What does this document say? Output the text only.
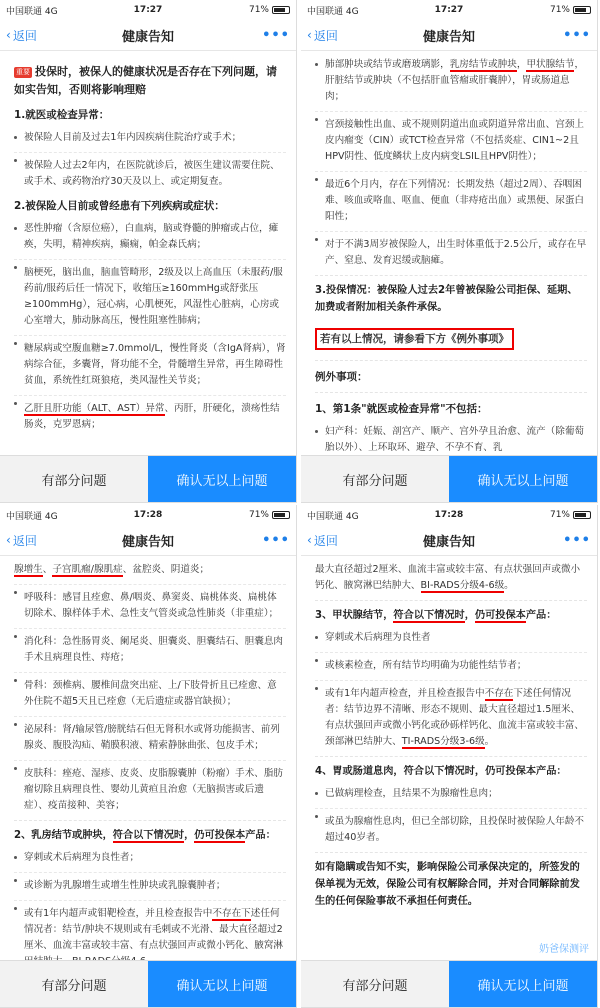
中国联通 4G	17:27	71%
‹ 返回	健康告知	•••
重要 投保时，被保人的健康状况是否存在下列问题，请如实告知，否则将影响理赔
1.就医或检查异常：
被保险人目前及过去1年内因疾病住院治疗或手术；
被保险人过去2年内，在医院就诊后，被医生建议需要住院、或手术、或药物治疗30天及以上、或定期复查。
2.被保险人目前或曾经患有下列疾病或症状：
恶性肿瘤（含原位癌），白血病，脑或脊髓的肿瘤或占位，瘫痪，失明，精神疾病，癫痫，帕金森氏病；
脑梗死，脑出血，脑血管畸形，2级及以上高血压（未服药/服药前/服药后任一情况下，收缩压≥160mmHg或舒张压≥100mmHg），冠心病，心肌梗死，风湿性心脏病，心房或心室增大，肺动脉高压，慢性阻塞性肺病；
糖尿病或空腹血糖≥7.0mmol/L，慢性肾炎（含IgA肾病），肾病综合征，多囊肾，肾功能不全，骨髓增生异常，再生障碍性贫血，系统性红斑狼疮，类风湿性关节炎；
乙肝且肝功能（ALT、AST）异常、丙肝，肝硬化，溃疡性结肠炎，克罗恩病；
有部分问题	确认无以上问题
中国联通 4G	17:27	71%
‹ 返回	健康告知	•••
肺部肿块或结节或磨玻璃影，乳房结节或肿块，甲状腺结节，肝脏结节或肿块（不包括肝血管瘤或肝囊肿），胃或肠道息肉；
宫颈接触性出血、或不规则阴道出血或阴道异常出血、宫颈上皮内瘤变（CIN）或TCT检查异常（不包括炎症、CIN1~2且HPV阴性、低度鳞状上皮内病变LSIL且HPV阴性）；
最近6个月内，存在下列情况：长期发热（超过2周）、吞咽困难、咳血或咯血、呕血、便血（非痔疮出血）或黑便、尿蛋白阳性；
对于不满3周岁被保险人，出生时体重低于2.5公斤，或存在早产、窒息、发育迟缓或脑瘫。
3.投保情况：被保险人过去2年曾被保险公司拒保、延期、加费或者附加相关条件承保。
若有以上情况，请参看下方《例外事项》
例外事项：
1、第1条"就医或检查异常"不包括：
妇产科：妊娠、剖宫产、顺产、宫外孕且治愈、流产（除葡萄胎以外）、上环取环、避孕、不孕不育、乳
有部分问题	确认无以上问题
中国联通 4G	17:28	71%
‹ 返回	健康告知	•••
腺增生、子宫肌瘤/腺肌症、盆腔炎、阴道炎；
呼吸科：感冒且痊愈、鼻/咽炎、鼻窦炎、扁桃体炎、扁桃体切除术、腺样体手术、急性支气管炎或急性肺炎（非重症）；
消化科：急性肠胃炎、阑尾炎、胆囊炎、胆囊结石、胆囊息肉手术且病理良性、痔疮；
骨科：颈椎病、腰椎间盘突出症、上/下肢骨折且已痊愈、意外住院不超5天且已痊愈（无后遗症或器官缺损）；
泌尿科：肾/输尿管/膀胱结石但无肾积水或肾功能损害、前列腺炎、腹股沟疝、鞘膜积液、精索静脉曲张、包皮手术；
皮肤科：痤疮、湿疹、皮炎、皮脂腺囊肿（粉瘤）手术、脂肪瘤切除且病理良性、婴幼儿黄疸且治愈（无脑损害或后遗症）、疫苗接种、美容；
2、乳房结节或肿块，符合以下情况时，仍可投保本产品：
穿刺或术后病理为良性者；
或诊断为乳腺增生或增生性肿块或乳腺囊肿者；
或有1年内超声或钼靶检查，并且检查报告中不存在下述任何情况者：结节/肿块不规则或有毛刺或不光滑、最大直径超过2厘米、血流丰富或较丰富、有点状强回声或微小钙化、腋窝淋
有部分问题	确认无以上问题
中国联通 4G	17:28	71%
‹ 返回	健康告知	•••
最大直径超过2厘米、血流丰富或较丰富、有点状强回声或微小钙化、腋窝淋巴结肿大、BI-RADS分级4-6级。
3、甲状腺结节，符合以下情况时，仍可投保本产品：
穿刺或术后病理为良性者
或核素检查，所有结节均明确为功能性结节者；
或有1年内超声检查，并且检查报告中不存在下述任何情况者：结节边界不清晰、形态不规则、最大直径超过1.5厘米、有点状强回声或微小钙化或砂砾样钙化、血流丰富或较丰富、颈部淋巴结肿大、TI-RADS分级3-6级。
4、胃或肠道息肉，符合以下情况时，仍可投保本产品：
已做病理检查，且结果不为腺瘤性息肉；
或虽为腺瘤性息肉，但已全部切除，且投保时被保险人年龄不超过40岁者。
如有隐瞒或告知不实，影响保险公司承保决定的，所签发的保单视为无效，保险公司有权解除合同，并对合同解除前发生的任何保险事故不承担任何责任。
奶爸保测评
有部分问题	确认无以上问题
